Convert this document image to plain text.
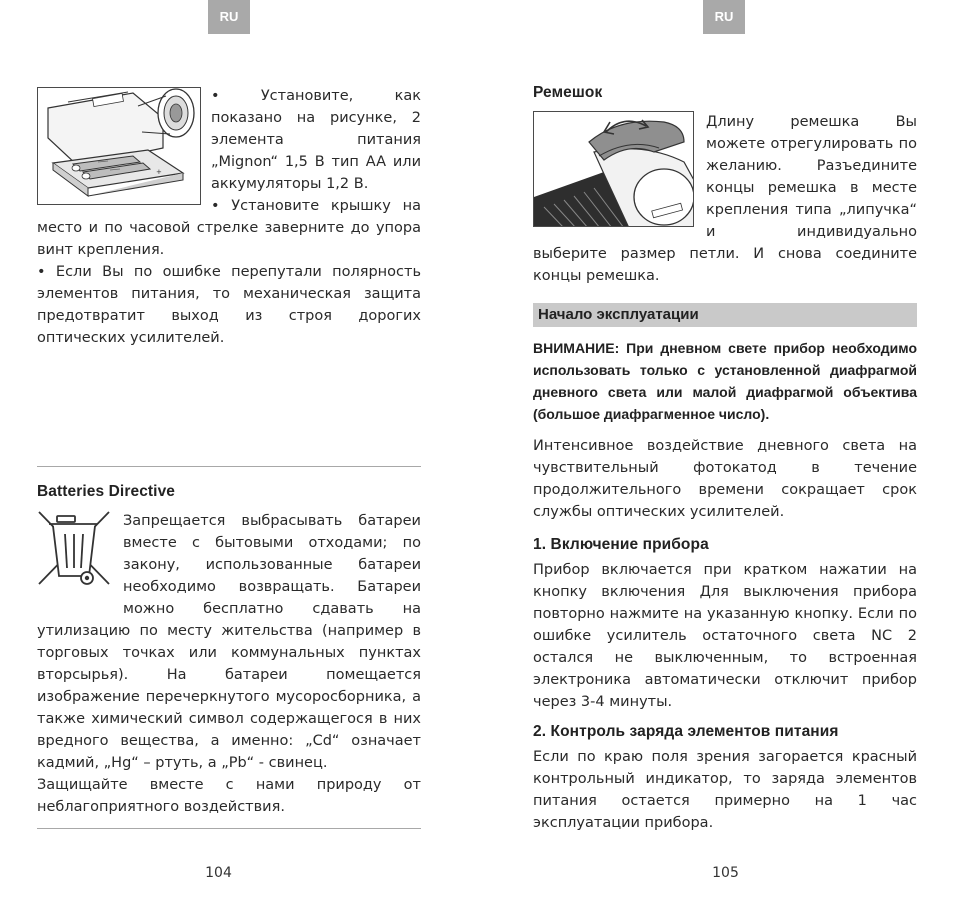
RU
+

• Установите, как показано на рисунке, 2 элемента питания „Mignon“ 1,5 В тип AA или аккумуляторы 1,2 В.

• Установите крышку на место и по часовой стрелке заверните до упора винт крепления.

• Если Вы по ошибке перепутали полярность элементов питания, то механическая защита предотвратит выход из строя дорогих оптических усилителей.

Batteries Directive

Запрещается выбрасывать батареи вместе с бытовыми отходами; по закону, использованные батареи необходимо возвращать. Батареи можно бесплатно сдавать на утилизацию по месту жительства (например в торговых точках или коммунальных пунктах вторсырья). На батареи помещается изображение перечеркнутого мусоросборника, а также химический символ содержащегося в них вредного вещества, а именно: „Cd“ означает кадмий, „Hg“ – ртуть, а „Pb“ - свинец.

Защищайте вместе с нами природу от неблагоприятного воздействия.

104
RU
Ремешок

Длину ремешка Вы можете отрегулировать по желанию. Разъедините концы ремешка в месте крепления типа „липучка“ и индивидуально выберите размер петли. И снова соедините концы ремешка.

Начало эксплуатации
ВНИМАНИЕ: При дневном свете прибор необходимо использовать только с установленной диафрагмой дневного света или малой диафрагмой объектива (большое диафрагменное число).

Интенсивное воздействие дневного света на чувствительный фотокатод в течение продолжительного времени сокращает срок службы оптических усилителей.

1. Включение прибора

Прибор включается при кратком нажатии на кнопку включения Для выключения прибора повторно нажмите на указанную кнопку. Если по ошибке усилитель остаточного света NC 2 остался не выключенным, то встроенная электроника автоматически отключит прибор через 3-4 минуты.

2. Контроль заряда элементов питания

Если по краю поля зрения загорается красный контрольный индикатор, то заряда элементов питания остается примерно на 1 час эксплуатации прибора.

105
